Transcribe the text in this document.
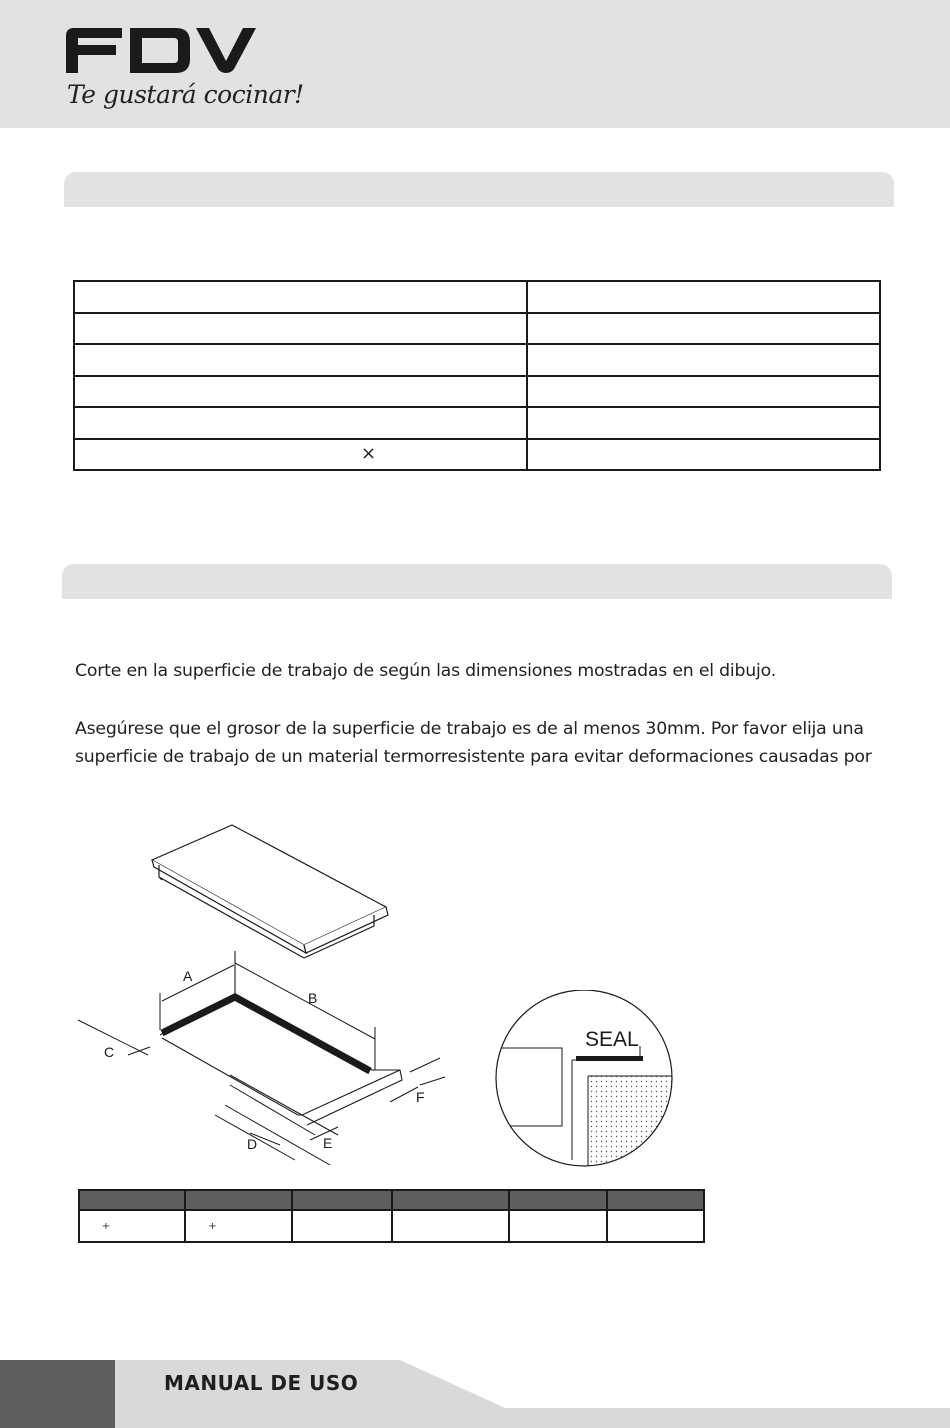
Te gustará cocinar!

×	
Corte en la superficie de trabajo de según las dimensiones mostradas en el dibujo.
Asegúrese que el grosor de la superficie de trabajo es de al menos 30mm. Por favor elija una
superficie de trabajo de un material termorresistente para evitar deformaciones causadas por
A
B
C
D	E
F
SEAL

+	+				
MANUAL DE USO
